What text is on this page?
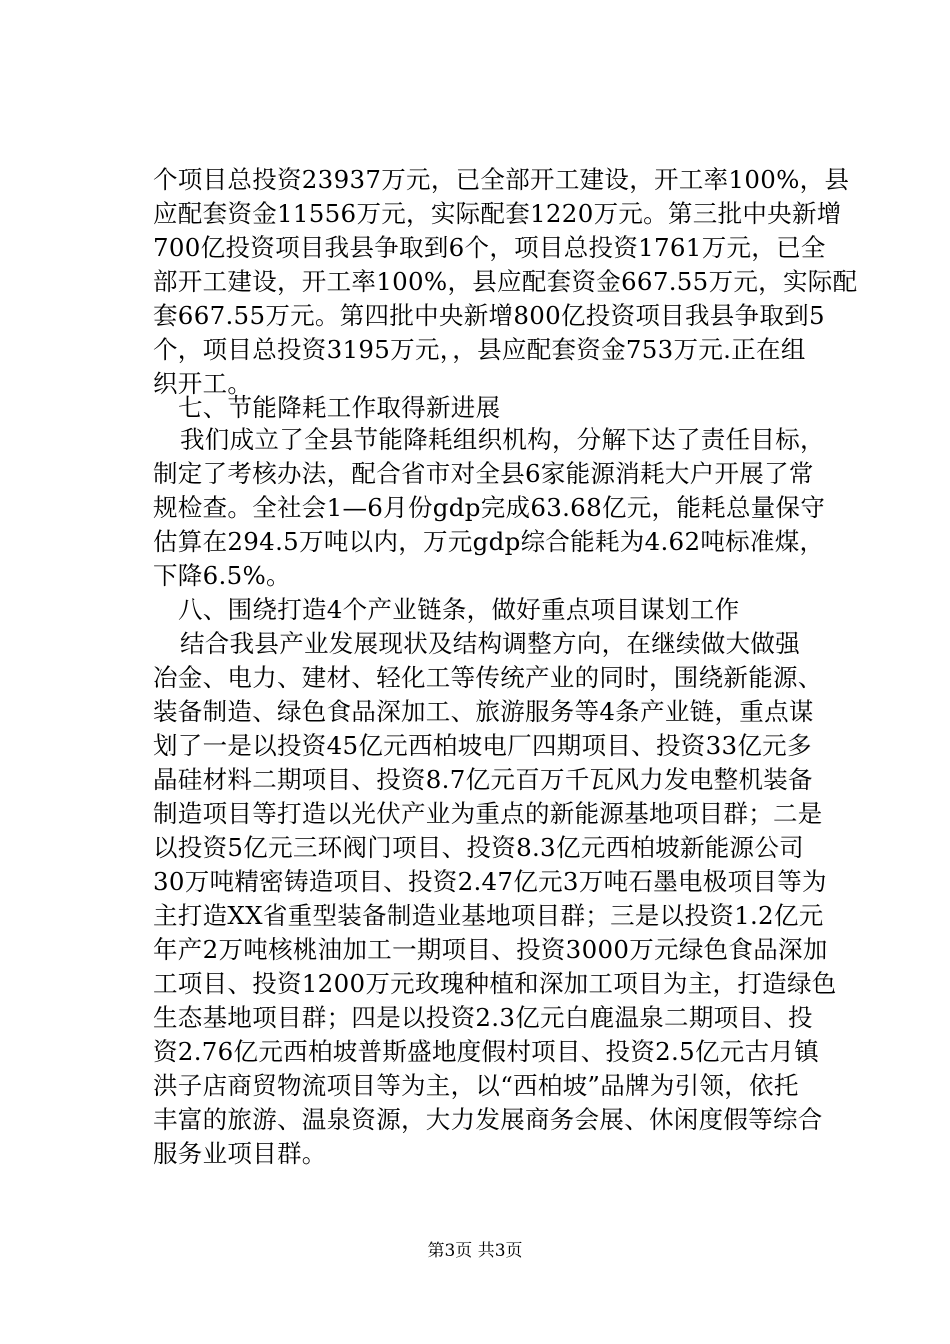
个项目总投资23937万元，已全部开工建设，开工率100%，县
应配套资金11556万元，实际配套1220万元。第三批中央新增
700亿投资项目我县争取到6个，项目总投资1761万元，已全
部开工建设，开工率100%，县应配套资金667.55万元，实际配
套667.55万元。第四批中央新增800亿投资项目我县争取到5
个，项目总投资3195万元，，县应配套资金753万元.正在组
织开工。
七、节能降耗工作取得新进展
我们成立了全县节能降耗组织机构，分解下达了责任目标，
制定了考核办法，配合省市对全县6家能源消耗大户开展了常
规检查。全社会1—6月份gdp完成63.68亿元，能耗总量保守
估算在294.5万吨以内，万元gdp综合能耗为4.62吨标准煤，
下降6.5%。
八、围绕打造4个产业链条，做好重点项目谋划工作
结合我县产业发展现状及结构调整方向，在继续做大做强
冶金、电力、建材、轻化工等传统产业的同时，围绕新能源、
装备制造、绿色食品深加工、旅游服务等4条产业链，重点谋
划了一是以投资45亿元西柏坡电厂四期项目、投资33亿元多
晶硅材料二期项目、投资8.7亿元百万千瓦风力发电整机装备
制造项目等打造以光伏产业为重点的新能源基地项目群；二是
以投资5亿元三环阀门项目、投资8.3亿元西柏坡新能源公司
30万吨精密铸造项目、投资2.47亿元3万吨石墨电极项目等为
主打造XX省重型装备制造业基地项目群；三是以投资1.2亿元
年产2万吨核桃油加工一期项目、投资3000万元绿色食品深加
工项目、投资1200万元玫瑰种植和深加工项目为主，打造绿色
生态基地项目群；四是以投资2.3亿元白鹿温泉二期项目、投
资2.76亿元西柏坡普斯盛地度假村项目、投资2.5亿元古月镇
洪子店商贸物流项目等为主，以“西柏坡”品牌为引领，依托
丰富的旅游、温泉资源，大力发展商务会展、休闲度假等综合
服务业项目群。
第3页 共3页
